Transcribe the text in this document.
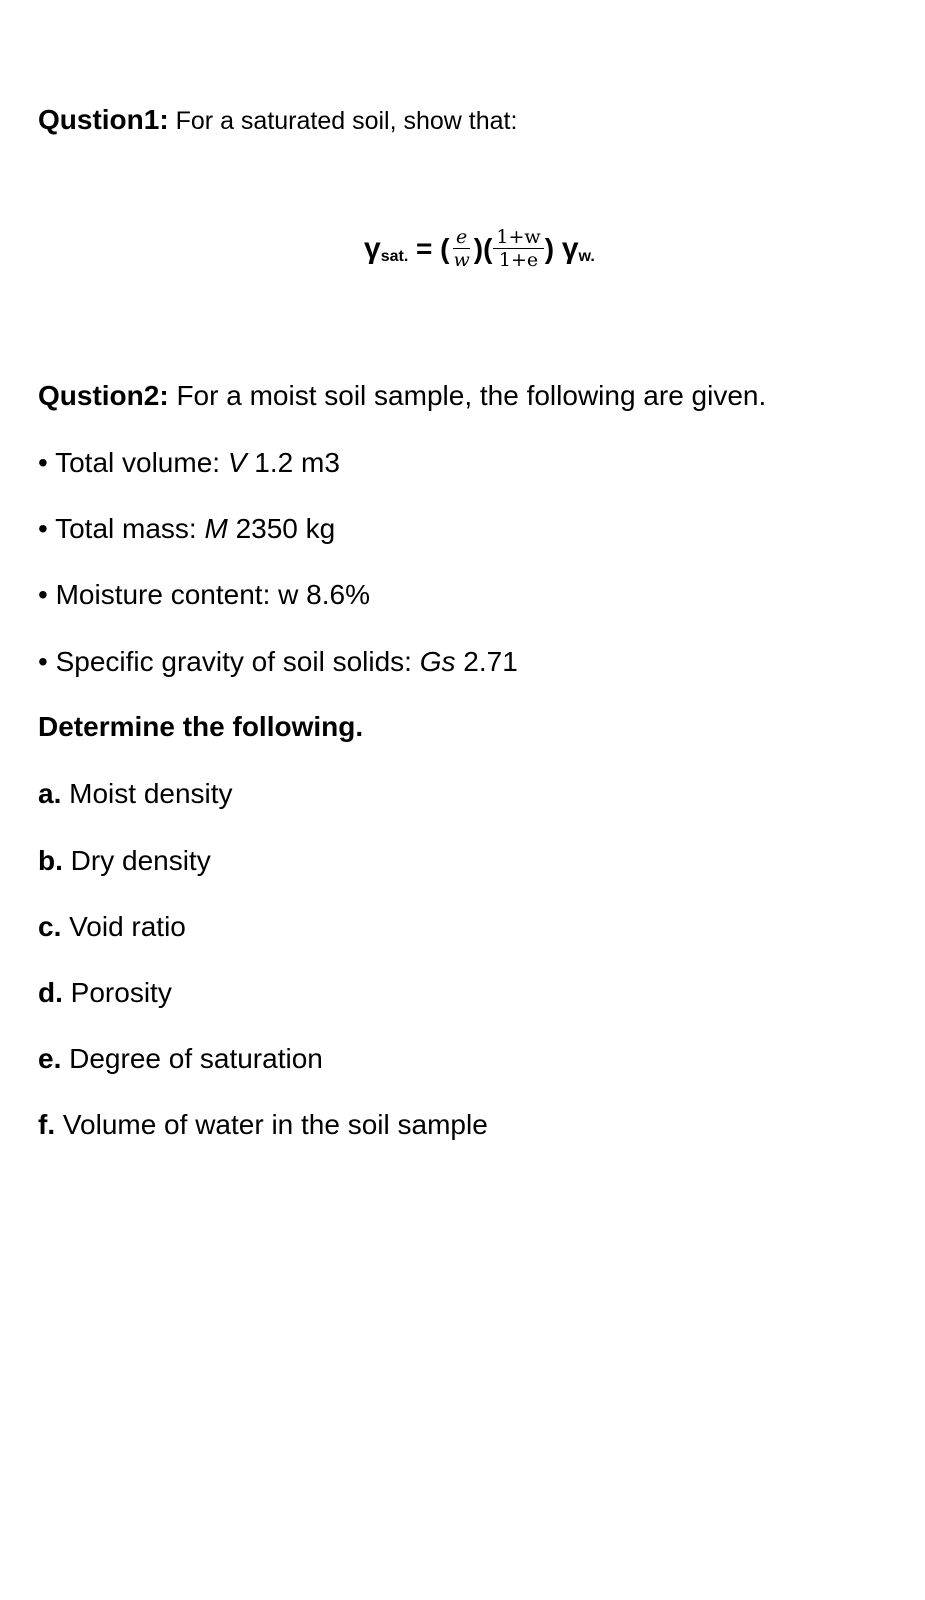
Qustion1: For a saturated soil, show that:
γ sat. = ( $\frac{e}{w}$ )( $\frac{1+w}{1+e}$ ) γ w.
Qustion2: For a moist soil sample, the following are given.
• Total volume: V 1.2 m3
• Total mass: M 2350 kg
• Moisture content: w 8.6%
• Specific gravity of soil solids: Gs 2.71
Determine the following.
a. Moist density
b. Dry density
c. Void ratio
d. Porosity
e. Degree of saturation
f. Volume of water in the soil sample
